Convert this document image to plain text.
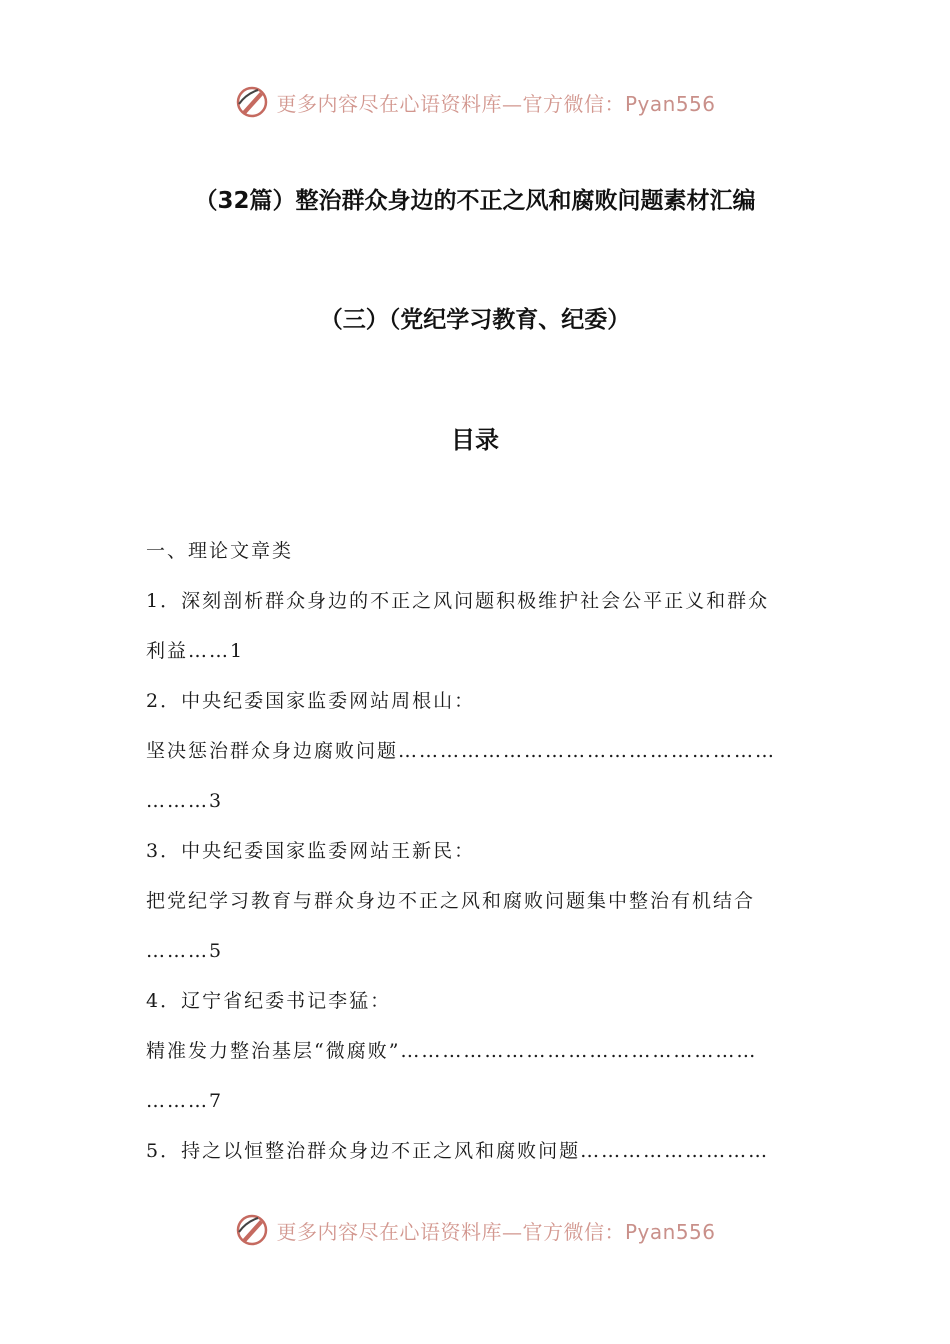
更多内容尽在心语资料库—官方微信：Pyan556
（32篇）整治群众身边的不正之风和腐败问题素材汇编
（三）（党纪学习教育、纪委）
目录
一、理论文章类
1．深刻剖析群众身边的不正之风问题积极维护社会公平正义和群众
利益……1
2．中央纪委国家监委网站周根山：
坚决惩治群众身边腐败问题………………………………………………
………3
3．中央纪委国家监委网站王新民：
把党纪学习教育与群众身边不正之风和腐败问题集中整治有机结合
………5
4．辽宁省纪委书记李猛：
精准发力整治基层“微腐败”……………………………………………
………7
5．持之以恒整治群众身边不正之风和腐败问题………………………
更多内容尽在心语资料库—官方微信：Pyan556
